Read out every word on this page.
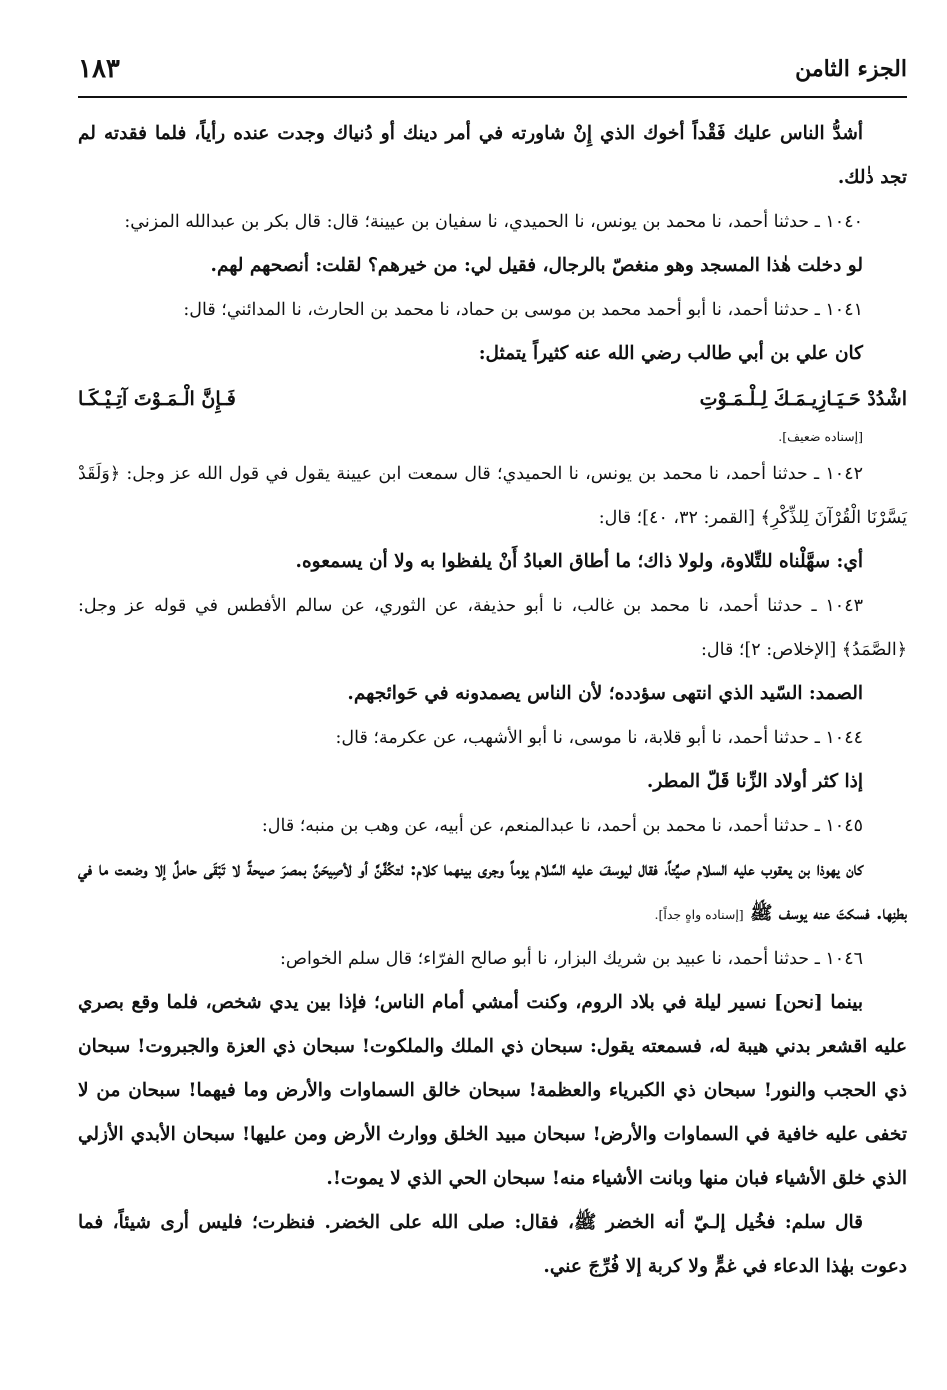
الجزء الثامن
١٨٣

أشدُّ الناس عليك فَقْداً أخوك الذي إِنْ شاورته في أمر دينك أو دُنياك وجدت عنده رأياً، فلما فقدته لم تجد ذٰلك.

١٠٤٠ ـ حدثنا أحمد، نا محمد بن يونس، نا الحميدي، نا سفيان بن عيينة؛ قال: قال بكر بن عبدالله المزني:

لو دخلت هٰذا المسجد وهو منغصّ بالرجال، فقيل لي: من خيرهم؟ لقلت: أنصحهم لهم.

١٠٤١ ـ حدثنا أحمد، نا أبو أحمد محمد بن موسى بن حماد، نا محمد بن الحارث، نا المدائني؛ قال:

كان علي بن أبي طالب رضي الله عنه كثيراً يتمثل:

اشْدُدْ حَـيَـازِيـمَـكَ لِـلْـمَـوْتِ
فَـإِنَّ الْـمَـوْتَ آتِـيْـكَـا

[إسناده ضعيف].

١٠٤٢ ـ حدثنا أحمد، نا محمد بن يونس، نا الحميدي؛ قال سمعت ابن عيينة يقول في قول الله عز وجل: ﴿وَلَقَدْ يَسَّرْنَا الْقُرْآنَ لِلذِّكْرِ﴾ [القمر: ٣٢، ٤٠]؛ قال:

أي: سهَّلْناه للتِّلاوة، ولولا ذاك؛ ما أطاق العبادُ أَنْ يلفظوا به ولا أن يسمعوه.

١٠٤٣ ـ حدثنا أحمد، نا محمد بن غالب، نا أبو حذيفة، عن الثوري، عن سالم الأفطس في قوله عز وجل: ﴿الصَّمَدُ﴾ [الإخلاص: ٢]؛ قال:

الصمد: السّيد الذي انتهى سؤدده؛ لأن الناس يصمدونه في حَوائجهم.

١٠٤٤ ـ حدثنا أحمد، نا أبو قلابة، نا موسى، نا أبو الأشهب، عن عكرمة؛ قال:

إذا كثر أولاد الزِّنا قَلّ المطر.

١٠٤٥ ـ حدثنا أحمد، نا محمد بن أحمد، نا عبدالمنعم، عن أبيه، عن وهب بن منبه؛ قال:

كان يهوذا بن يعقوب عليه السلام صيِّتاً، فقال ليوسفَ عليه السَّلام يوماً وجرى بينهما كلام: لتكُفَّنَّ أو لأصِيحَنَّ بمصرَ صيحةً لا تَبْقَى حاملٌ إلا وضعت ما في بطنِها. فسكتَ عنه يوسف ﷺ [إسناده واهٍ جداً].

١٠٤٦ ـ حدثنا أحمد، نا عبيد بن شريك البزار، نا أبو صالح الفرّاء؛ قال سلم الخواص:

بينما [نحن] نسير ليلة في بلاد الروم، وكنت أمشي أمام الناس؛ فإذا بين يدي شخص، فلما وقع بصري عليه اقشعر بدني هيبة له، فسمعته يقول: سبحان ذي الملك والملكوت! سبحان ذي العزة والجبروت! سبحان ذي الحجب والنور! سبحان ذي الكبرياء والعظمة! سبحان خالق السماوات والأرض وما فيهما! سبحان من لا تخفى عليه خافية في السماوات والأرض! سبحان مبيد الخلق ووارث الأرض ومن عليها! سبحان الأبدي الأزلي الذي خلق الأشياء فبان منها وبانت الأشياء منه! سبحان الحي الذي لا يموت!.

قال سلم: فخُيل إلـيّ أنه الخضر ﷺ، فقال: صلى الله على الخضر. فنظرت؛ فليس أرى شيئاً، فما دعوت بهٰذا الدعاء في غمٍّ ولا كربة إلا فُرِّجَ عني.
